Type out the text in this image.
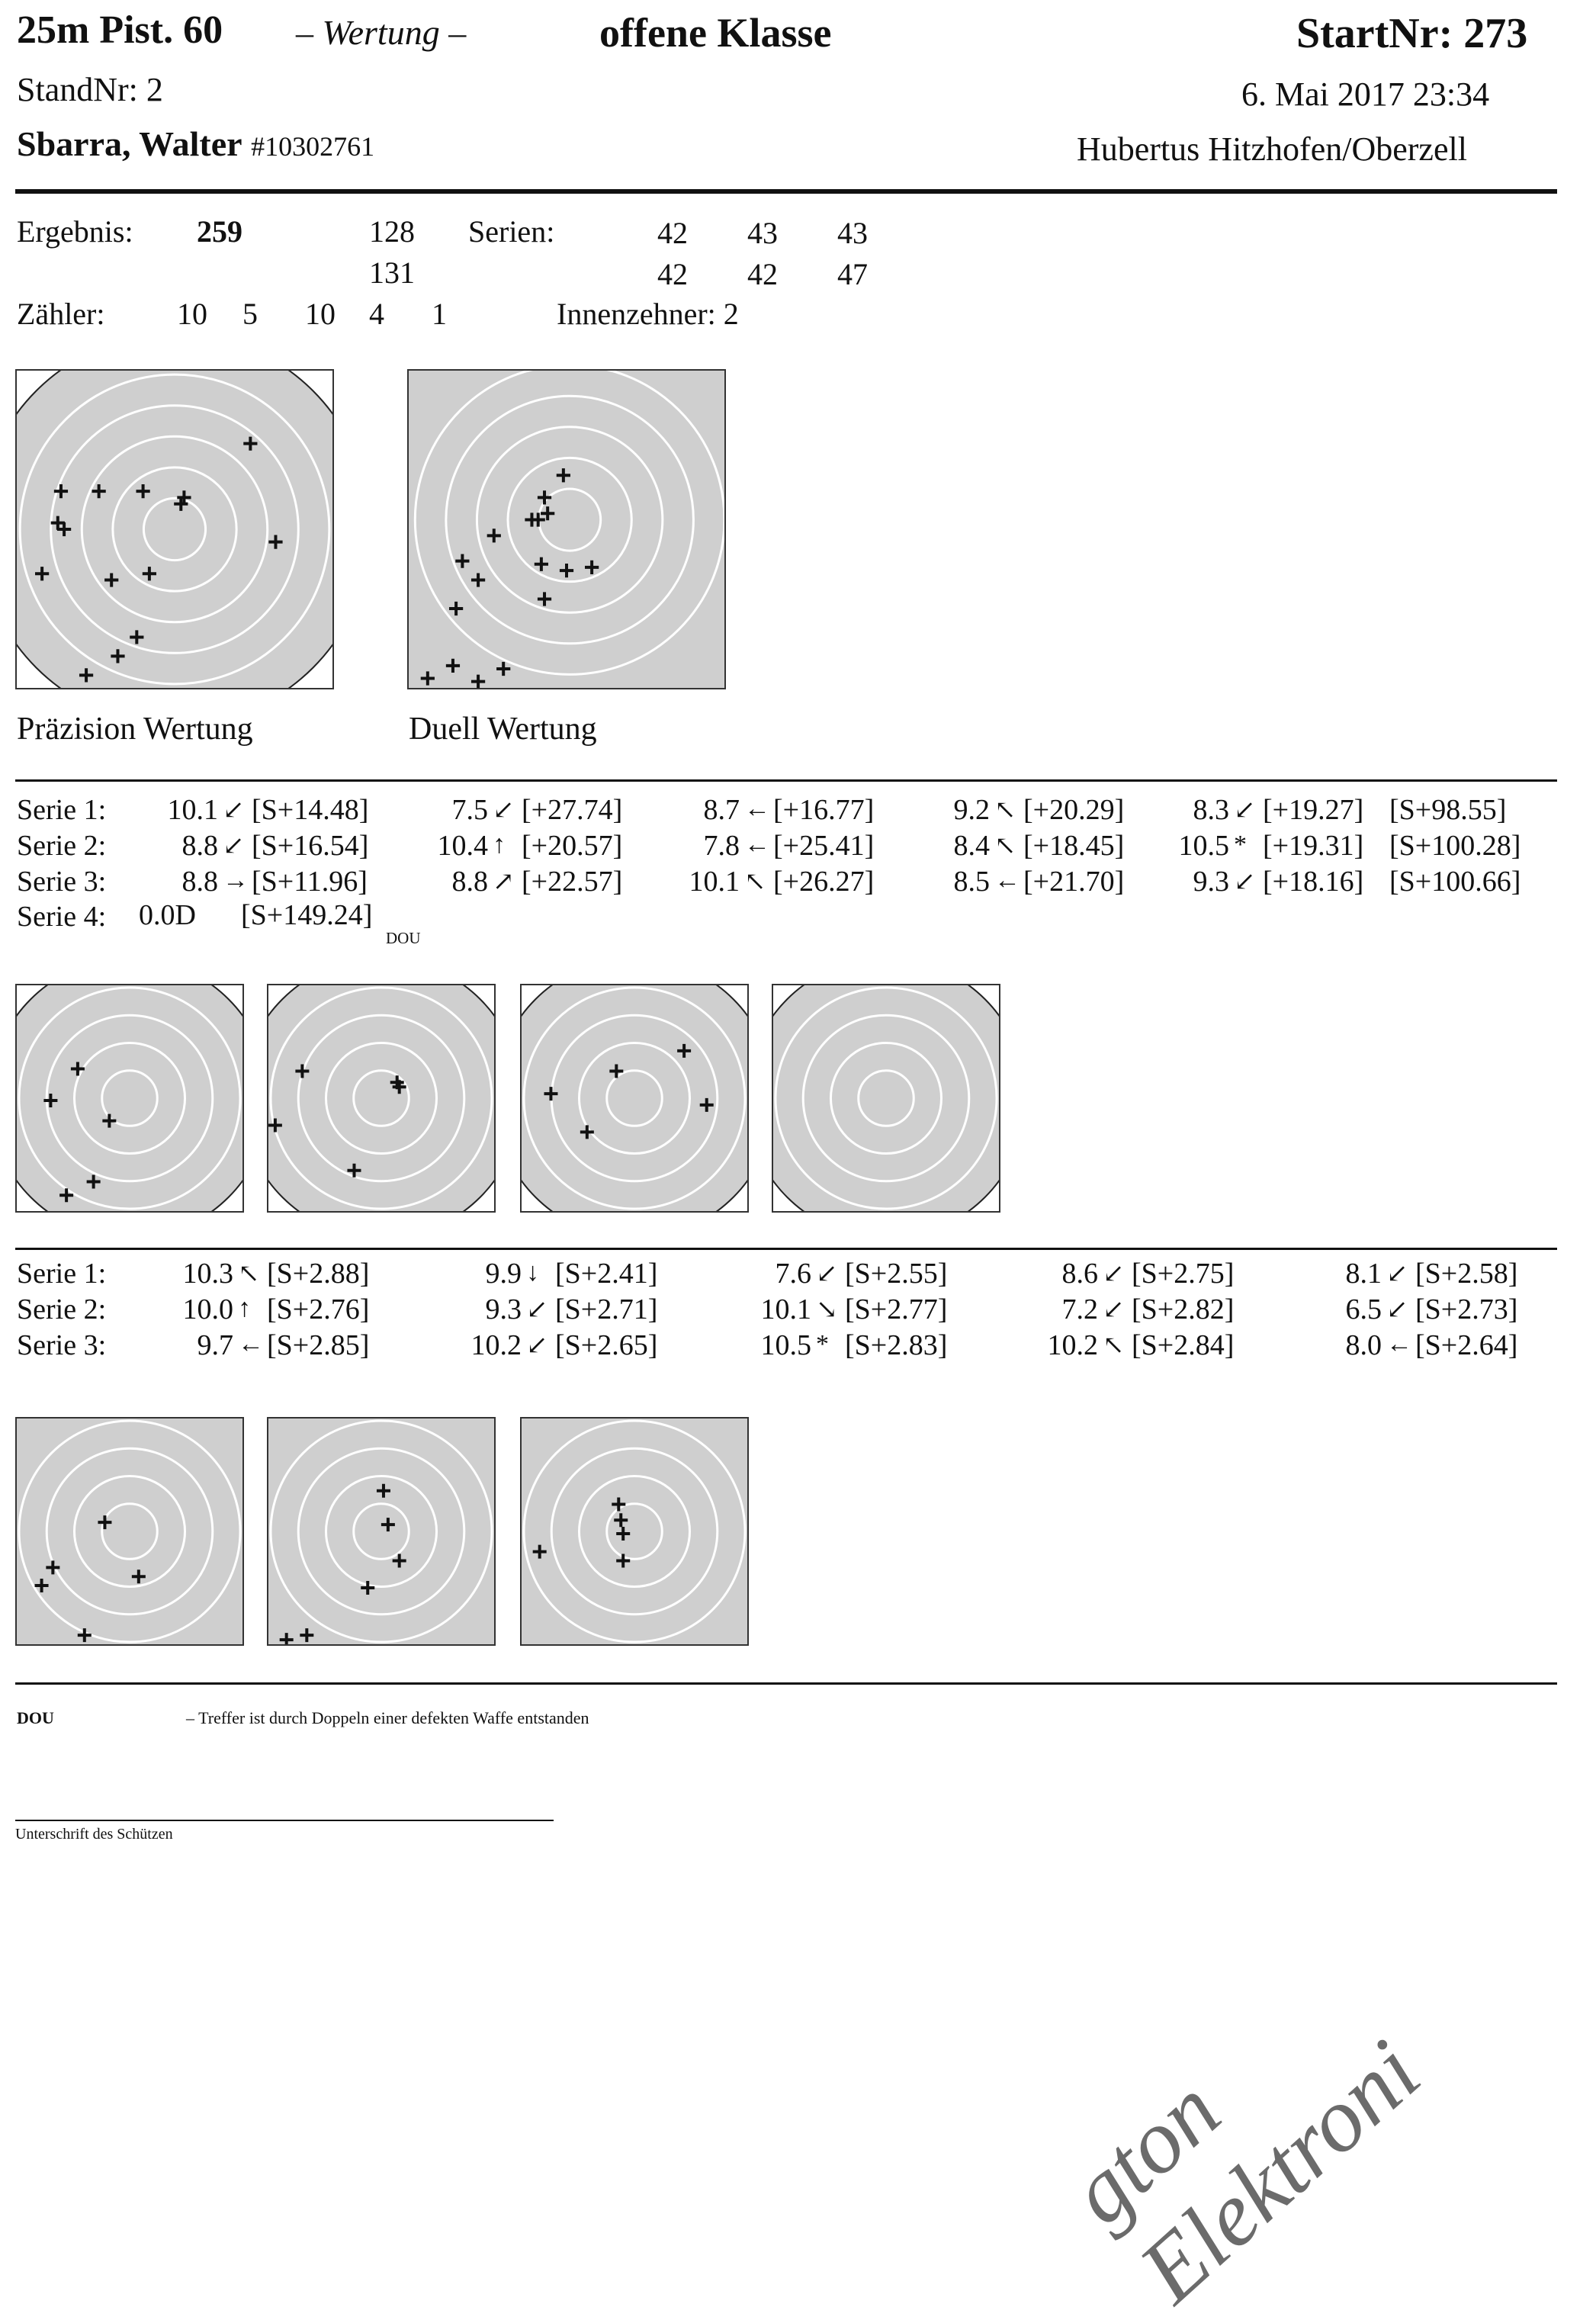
25m Pist. 60 – Wertung –	offene Klasse	StartNr: 273
StandNr: 2	6. Mai 2017 23:34
Sbarra, Walter #10302761	Hubertus Hitzhofen/Oberzell
Ergebnis: 259	128
131
Serien:	42 43 43
42 42 47
Zähler: 10 5 10 4 1	Innenzehner: 2
Präzision Wertung	Duell Wertung
Serie 1:	10.1 ↙ [S+14.48]	7.5 ↙ [+27.74]	8.7 ← [+16.77]	9.2 ↖ [+20.29]	8.3 ↙ [+19.27] [S+98.55]
Serie 2:	8.8 ↙ [S+16.54]	10.4 ↑ [+20.57]	7.8 ← [+25.41]	8.4 ↖ [+18.45]	10.5 * [+19.31] [S+100.28]
Serie 3:	8.8 → [S+11.96]	8.8 ↗ [+22.57]	10.1 ↖ [+26.27]	8.5 ← [+21.70]	9.3 ↙ [+18.16] [S+100.66]
Serie 4: 0.0D [S+149.24]
DOU
Serie 1:	10.3 ↖ [S+2.88]	9.9 ↓ [S+2.41]	7.6 ↙ [S+2.55]	8.6 ↙ [S+2.75]	8.1 ↙ [S+2.58]
Serie 2:	10.0 ↑ [S+2.76]	9.3 ↙ [S+2.71]	10.1 ↘ [S+2.77]	7.2 ↙ [S+2.82]	6.5 ↙ [S+2.73]
Serie 3:	9.7 ← [S+2.85]	10.2 ↙ [S+2.65]	10.5 * [S+2.83]	10.2 ↖ [S+2.84]	8.0 ← [S+2.64]
DOU	– Treffer ist durch Doppeln einer defekten Waffe entstanden
Unterschrift des Schützen
gton Elektroni
